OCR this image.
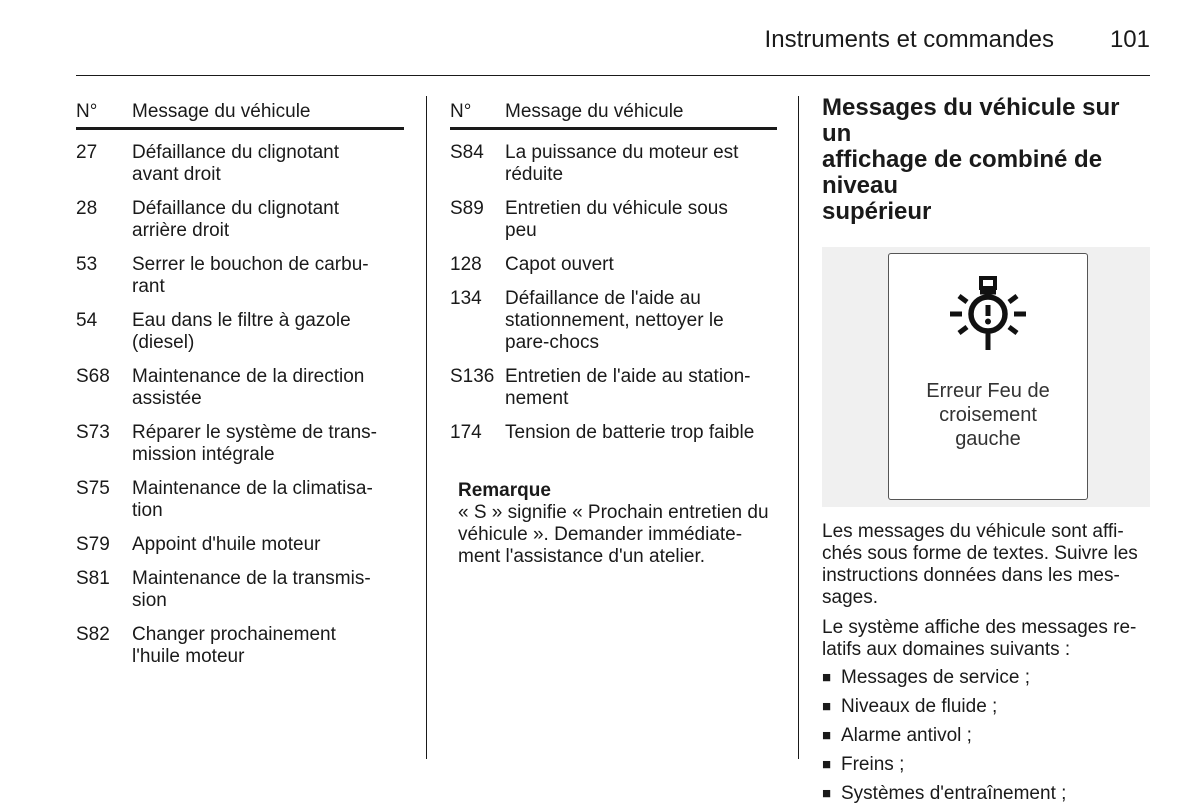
Instruments et commandes 101
N°	Message du véhicule
27	Défaillance du clignotant
avant droit
28	Défaillance du clignotant
arrière droit
53	Serrer le bouchon de carbu-
rant
54	Eau dans le filtre à gazole
(diesel)
S68	Maintenance de la direction
assistée
S73	Réparer le système de trans-
mission intégrale
S75	Maintenance de la climatisa-
tion
S79	Appoint d'huile moteur
S81	Maintenance de la transmis-
sion
S82	Changer prochainement
l'huile moteur
N°	Message du véhicule
S84	La puissance du moteur est
réduite
S89	Entretien du véhicule sous
peu
128	Capot ouvert
134	Défaillance de l'aide au
stationnement, nettoyer le
pare-chocs
S136 Entretien de l'aide au station-
nement
174	Tension de batterie trop faible
Remarque
« S » signifie « Prochain entretien du
véhicule ». Demander immédiate-
ment l'assistance d'un atelier.
Messages du véhicule sur un
affichage de combiné de niveau
supérieur
Erreur Feu de
croisement
gauche
Les messages du véhicule sont affi-
chés sous forme de textes. Suivre les
instructions données dans les mes-
sages.
Le système affiche des messages re-
latifs aux domaines suivants :
■ Messages de service ;
■ Niveaux de fluide ;
■ Alarme antivol ;
■ Freins ;
■ Systèmes d'entraînement ;
